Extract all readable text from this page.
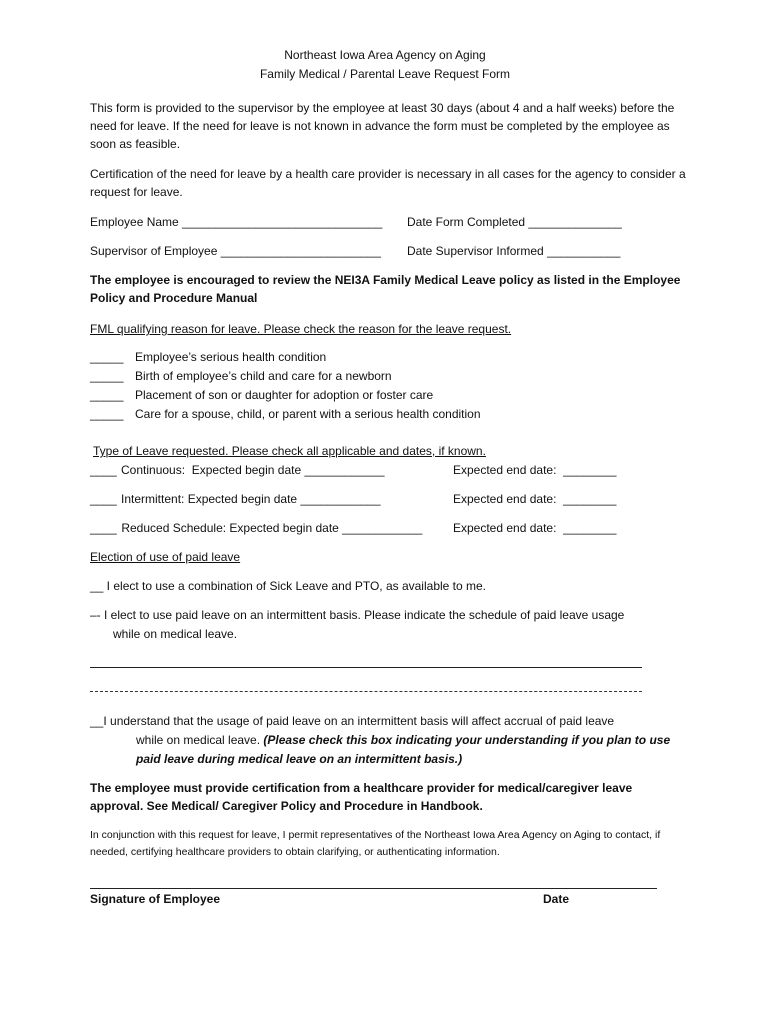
Northeast Iowa Area Agency on Aging
Family Medical / Parental Leave Request Form
This form is provided to the supervisor by the employee at least 30 days (about 4 and a half weeks) before the need for leave. If the need for leave is not known in advance the form must be completed by the employee as soon as feasible.
Certification of the need for leave by a health care provider is necessary in all cases for the agency to consider a request for leave.
Employee Name ______________________________ Date Form Completed ______________
Supervisor of Employee ________________________ Date Supervisor Informed ___________
The employee is encouraged to review the NEI3A Family Medical Leave policy as listed in the Employee Policy and Procedure Manual
FML qualifying reason for leave. Please check the reason for the leave request.
_____ Employee’s serious health condition
_____ Birth of employee’s child and care for a newborn
_____ Placement of son or daughter for adoption or foster care
_____ Care for a spouse, child, or parent with a serious health condition
Type of Leave requested. Please check all applicable and dates, if known.
____ Continuous:  Expected begin date ____________	Expected end date:  ________
____ Intermittent: Expected begin date ____________	Expected end date:  ________
____ Reduced Schedule: Expected begin date ____________	Expected end date:  ________
Election of use of paid leave
__ I elect to use a combination of Sick Leave and PTO, as available to me.
–- I elect to use paid leave on an intermittent basis. Please indicate the schedule of paid leave usage
while on medical leave.
__I understand that the usage of paid leave on an intermittent basis will affect accrual of paid leave
while on medical leave. (Please check this box indicating your understanding if you plan to use
paid leave during medical leave on an intermittent basis.)
The employee must provide certification from a healthcare provider for medical/caregiver leave approval. See Medical/ Caregiver Policy and Procedure in Handbook.
In conjunction with this request for leave, I permit representatives of the Northeast Iowa Area Agency on Aging to contact, if needed, certifying healthcare providers to obtain clarifying, or authenticating information.
Signature of Employee	Date
